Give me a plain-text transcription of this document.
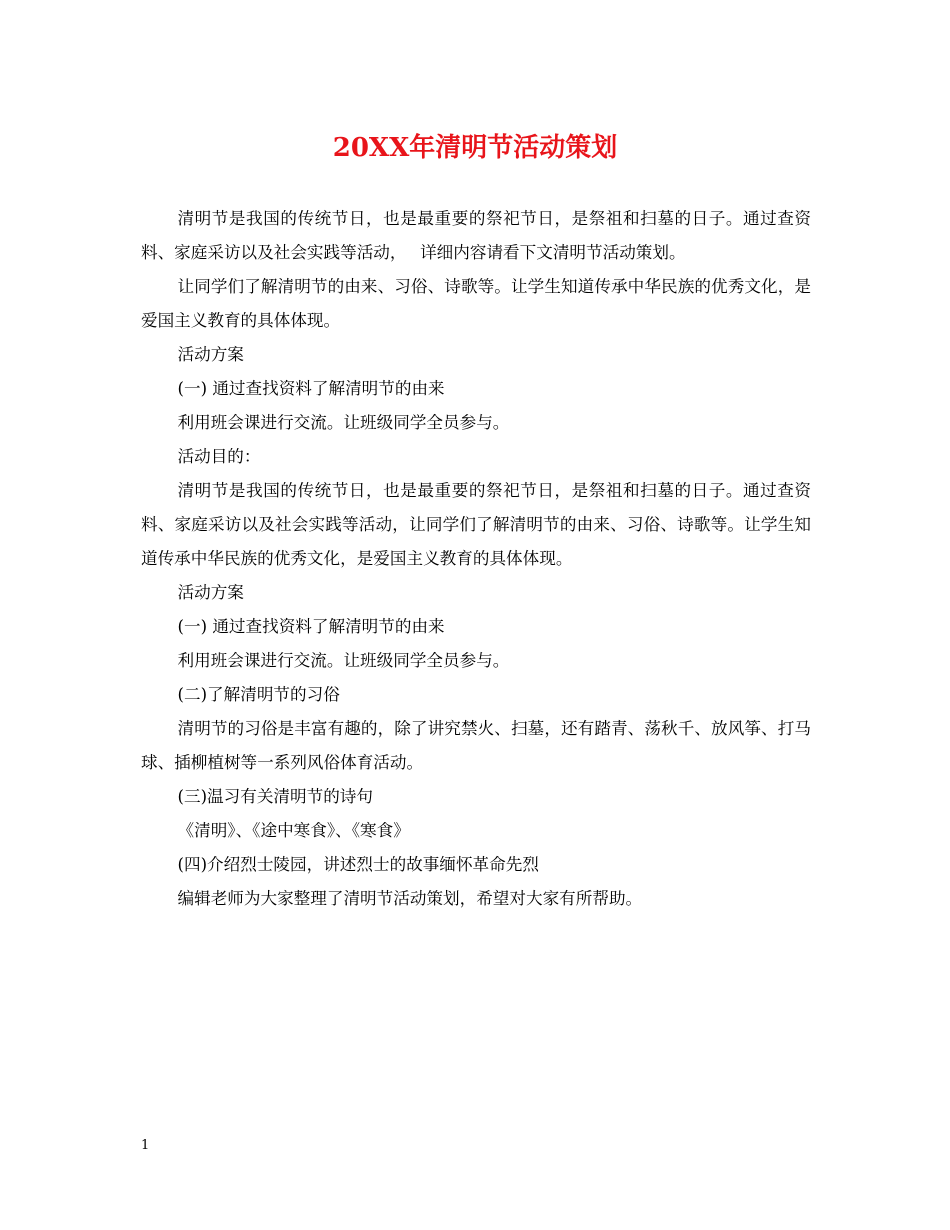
20XX年清明节活动策划

清明节是我国的传统节日，也是最重要的祭祀节日，是祭祖和扫墓的日子。通过查资料、家庭采访以及社会实践等活动，　 详细内容请看下文清明节活动策划。

让同学们了解清明节的由来、习俗、诗歌等。让学生知道传承中华民族的优秀文化，是爱国主义教育的具体体现。

活动方案

(一) 通过查找资料了解清明节的由来

利用班会课进行交流。让班级同学全员参与。

活动目的：

清明节是我国的传统节日，也是最重要的祭祀节日，是祭祖和扫墓的日子。通过查资料、家庭采访以及社会实践等活动，让同学们了解清明节的由来、习俗、诗歌等。让学生知道传承中华民族的优秀文化，是爱国主义教育的具体体现。

活动方案

(一) 通过查找资料了解清明节的由来

利用班会课进行交流。让班级同学全员参与。

(二)了解清明节的习俗

清明节的习俗是丰富有趣的，除了讲究禁火、扫墓，还有踏青、荡秋千、放风筝、打马球、插柳植树等一系列风俗体育活动。

(三)温习有关清明节的诗句

《清明》、《途中寒食》、《寒食》

(四)介绍烈士陵园，讲述烈士的故事缅怀革命先烈

编辑老师为大家整理了清明节活动策划，希望对大家有所帮助。

1
